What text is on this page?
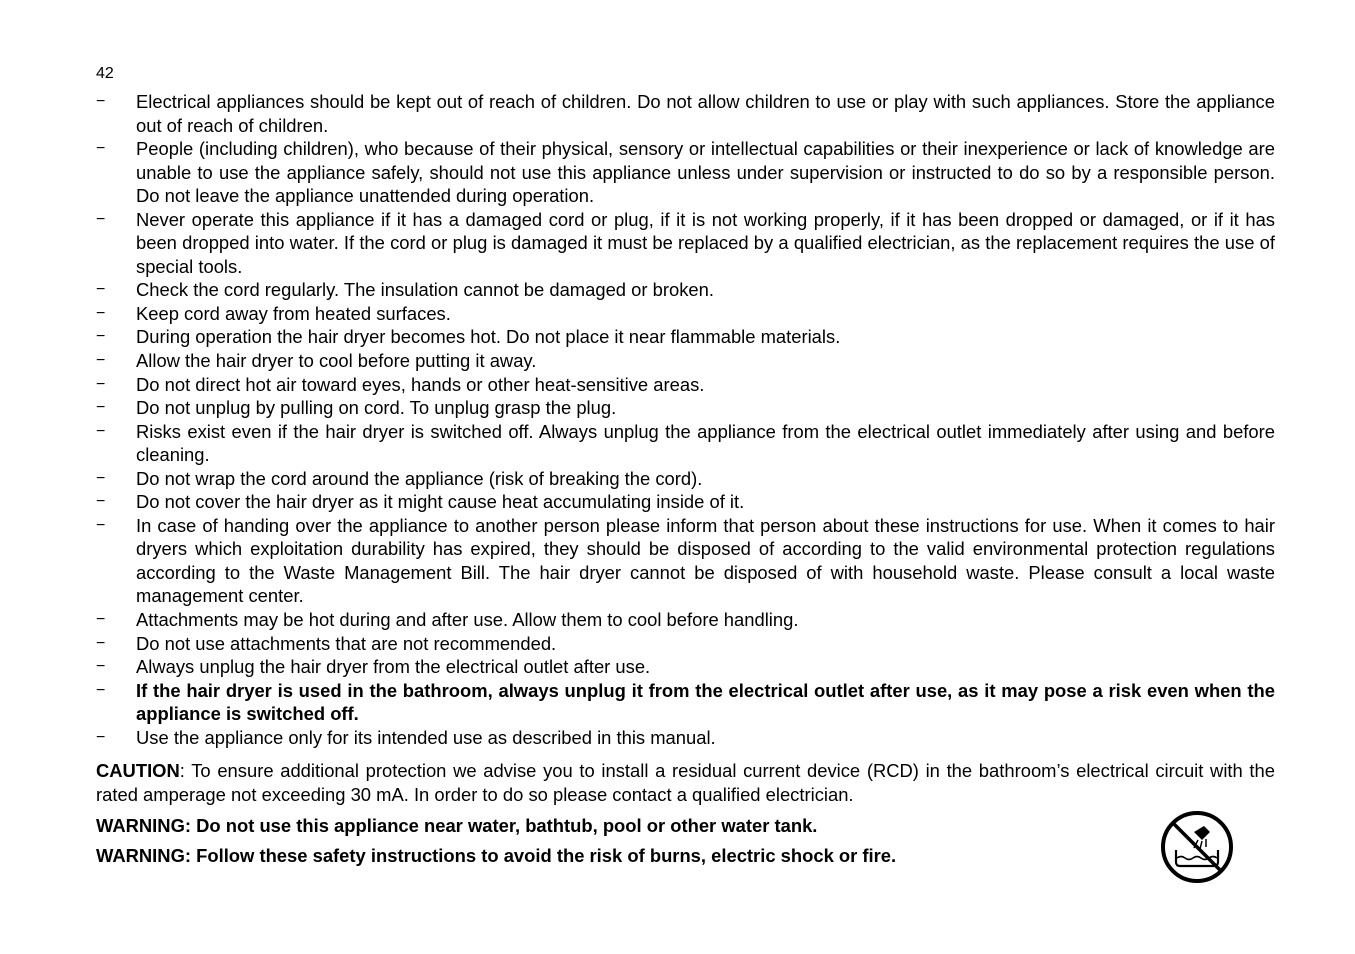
42
− Electrical appliances should be kept out of reach of children. Do not allow children to use or play with such appliances. Store the appliance out of reach of children.
− People (including children), who because of their physical, sensory or intellectual capabilities or their inexperience or lack of knowledge are unable to use the appliance safely, should not use this appliance unless under supervision or instructed to do so by a responsible person. Do not leave the appliance unattended during operation.
− Never operate this appliance if it has a damaged cord or plug, if it is not working properly, if it has been dropped or damaged, or if it has been dropped into water. If the cord or plug is damaged it must be replaced by a qualified electrician, as the replacement requires the use of special tools.
− Check the cord regularly. The insulation cannot be damaged or broken.
− Keep cord away from heated surfaces.
− During operation the hair dryer becomes hot. Do not place it near flammable materials.
− Allow the hair dryer to cool before putting it away.
− Do not direct hot air toward eyes, hands or other heat-sensitive areas.
− Do not unplug by pulling on cord. To unplug grasp the plug.
− Risks exist even if the hair dryer is switched off. Always unplug the appliance from the electrical outlet immediately after using and before cleaning.
− Do not wrap the cord around the appliance (risk of breaking the cord).
− Do not cover the hair dryer as it might cause heat accumulating inside of it.
− In case of handing over the appliance to another person please inform that person about these instructions for use. When it comes to hair dryers which exploitation durability has expired, they should be disposed of according to the valid environmental protection regulations according to the Waste Management Bill. The hair dryer cannot be disposed of with household waste. Please consult a local waste management center.
− Attachments may be hot during and after use. Allow them to cool before handling.
− Do not use attachments that are not recommended.
− Always unplug the hair dryer from the electrical outlet after use.
− If the hair dryer is used in the bathroom, always unplug it from the electrical outlet after use, as it may pose a risk even when the appliance is switched off.
− Use the appliance only for its intended use as described in this manual.

CAUTION: To ensure additional protection we advise you to install a residual current device (RCD) in the bathroom’s electrical circuit with the rated amperage not exceeding 30 mA. In order to do so please contact a qualified electrician.

WARNING: Do not use this appliance near water, bathtub, pool or other water tank.

WARNING: Follow these safety instructions to avoid the risk of burns, electric shock or fire.
